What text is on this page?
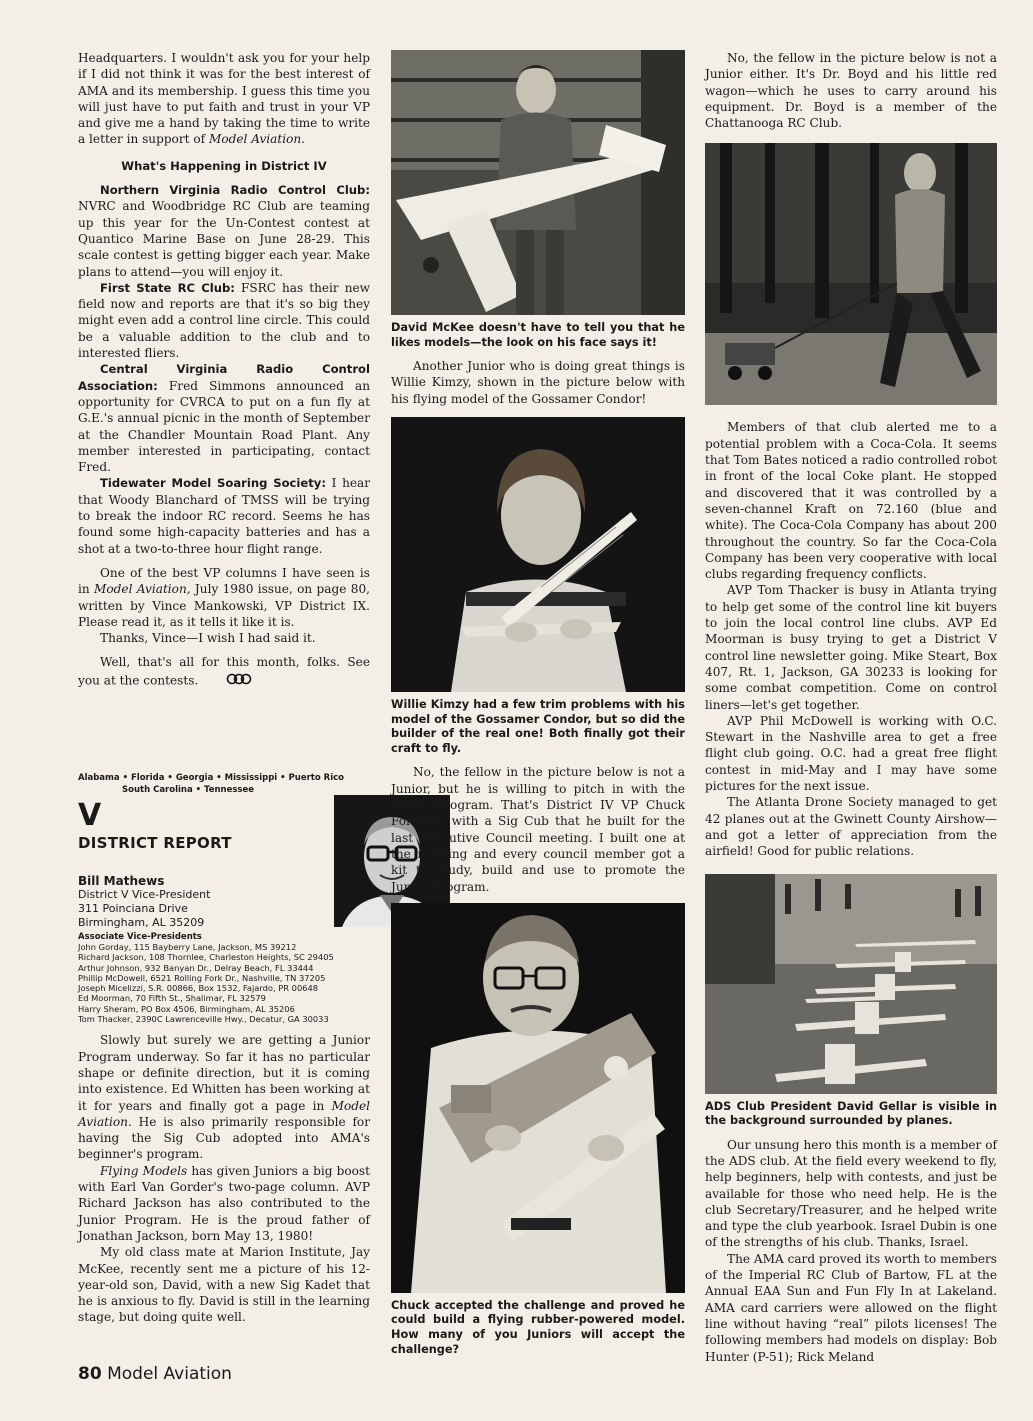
Headquarters. I wouldn't ask you for your help if I did not think it was for the best interest of AMA and its membership. I guess this time you will just have to put faith and trust in your VP and give me a hand by taking the time to write a letter in support of Model Aviation.

What's Happening in District IV

Northern Virginia Radio Control Club: NVRC and Woodbridge RC Club are teaming up this year for the Un-Contest contest at Quantico Marine Base on June 28-29. This scale contest is getting bigger each year. Make plans to attend—you will enjoy it.

First State RC Club: FSRC has their new field now and reports are that it's so big they might even add a control line circle. This could be a valuable addition to the club and to interested fliers.

Central Virginia Radio Control Association: Fred Simmons announced an opportunity for CVRCA to put on a fun fly at G.E.'s annual picnic in the month of September at the Chandler Mountain Road Plant. Any member interested in participating, contact Fred.

Tidewater Model Soaring Society: I hear that Woody Blanchard of TMSS will be trying to break the indoor RC record. Seems he has found some high-capacity batteries and has a shot at a two-to-three hour flight range.

One of the best VP columns I have seen is in Model Aviation, July 1980 issue, on page 80, written by Vince Mankowski, VP District IX. Please read it, as it tells it like it is.

Thanks, Vince—I wish I had said it.

Well, that's all for this month, folks. See you at the contests.

Alabama • Florida • Georgia • Mississippi • Puerto Rico
South Carolina • Tennessee
V
DISTRICT REPORT
Bill Mathews
District V Vice-President
311 Poinciana Drive
Birmingham, AL 35209
Associate Vice-Presidents
John Gorday, 115 Bayberry Lane, Jackson, MS 39212
Richard Jackson, 108 Thornlee, Charleston Heights, SC 29405
Arthur Johnson, 932 Banyan Dr., Delray Beach, FL 33444
Phillip McDowell, 6521 Rolling Fork Dr., Nashville, TN 37205
Joseph Micelizzi, S.R. 00866, Box 1532, Fajardo, PR 00648
Ed Moorman, 70 Fifth St., Shalimar, FL 32579
Harry Sheram, PO Box 4506, Birmingham, AL 35206
Tom Thacker, 2390C Lawrenceville Hwy., Decatur, GA 30033

Slowly but surely we are getting a Junior Program underway. So far it has no particular shape or definite direction, but it is coming into existence. Ed Whitten has been working at it for years and finally got a page in Model Aviation. He is also primarily responsible for having the Sig Cub adopted into AMA's beginner's program.

Flying Models has given Juniors a big boost with Earl Van Gorder's two-page column. AVP Richard Jackson has also contributed to the Junior Program. He is the proud father of Jonathan Jackson, born May 13, 1980!

My old class mate at Marion Institute, Jay McKee, recently sent me a picture of his 12-year-old son, David, with a new Sig Kadet that he is anxious to fly. David is still in the learning stage, but doing quite well.

David McKee doesn't have to tell you that he likes models—the look on his face says it!

Another Junior who is doing great things is Willie Kimzy, shown in the picture below with his flying model of the Gossamer Condor!

Willie Kimzy had a few trim problems with his model of the Gossamer Condor, but so did the builder of the real one! Both finally got their craft to fly.

No, the fellow in the picture below is not a Junior, but he is willing to pitch in with the Junior Program. That's District IV VP Chuck Foreman with a Sig Cub that he built for the last Executive Council meeting. I built one at the meeting and every council member got a kit to study, build and use to promote the Junior Program.

Chuck accepted the challenge and proved he could build a flying rubber-powered model. How many of you Juniors will accept the challenge?

No, the fellow in the picture below is not a Junior either. It's Dr. Boyd and his little red wagon—which he uses to carry around his equipment. Dr. Boyd is a member of the Chattanooga RC Club.

Members of that club alerted me to a potential problem with a Coca-Cola. It seems that Tom Bates noticed a radio controlled robot in front of the local Coke plant. He stopped and discovered that it was controlled by a seven-channel Kraft on 72.160 (blue and white). The Coca-Cola Company has about 200 throughout the country. So far the Coca-Cola Company has been very cooperative with local clubs regarding frequency conflicts.

AVP Tom Thacker is busy in Atlanta trying to help get some of the control line kit buyers to join the local control line clubs. AVP Ed Moorman is busy trying to get a District V control line newsletter going. Mike Steart, Box 407, Rt. 1, Jackson, GA 30233 is looking for some combat competition. Come on control liners—let's get together.

AVP Phil McDowell is working with O.C. Stewart in the Nashville area to get a free flight club going. O.C. had a great free flight contest in mid-May and I may have some pictures for the next issue.

The Atlanta Drone Society managed to get 42 planes out at the Gwinett County Airshow—and got a letter of appreciation from the airfield! Good for public relations.

ADS Club President David Gellar is visible in the background surrounded by planes.

Our unsung hero this month is a member of the ADS club. At the field every weekend to fly, help beginners, help with contests, and just be available for those who need help. He is the club Secretary/Treasurer, and he helped write and type the club yearbook. Israel Dubin is one of the strengths of his club. Thanks, Israel.

The AMA card proved its worth to members of the Imperial RC Club of Bartow, FL at the Annual EAA Sun and Fun Fly In at Lakeland. AMA card carriers were allowed on the flight line without having “real” pilots licenses! The following members had models on display: Bob Hunter (P-51); Rick Meland

80 Model Aviation
